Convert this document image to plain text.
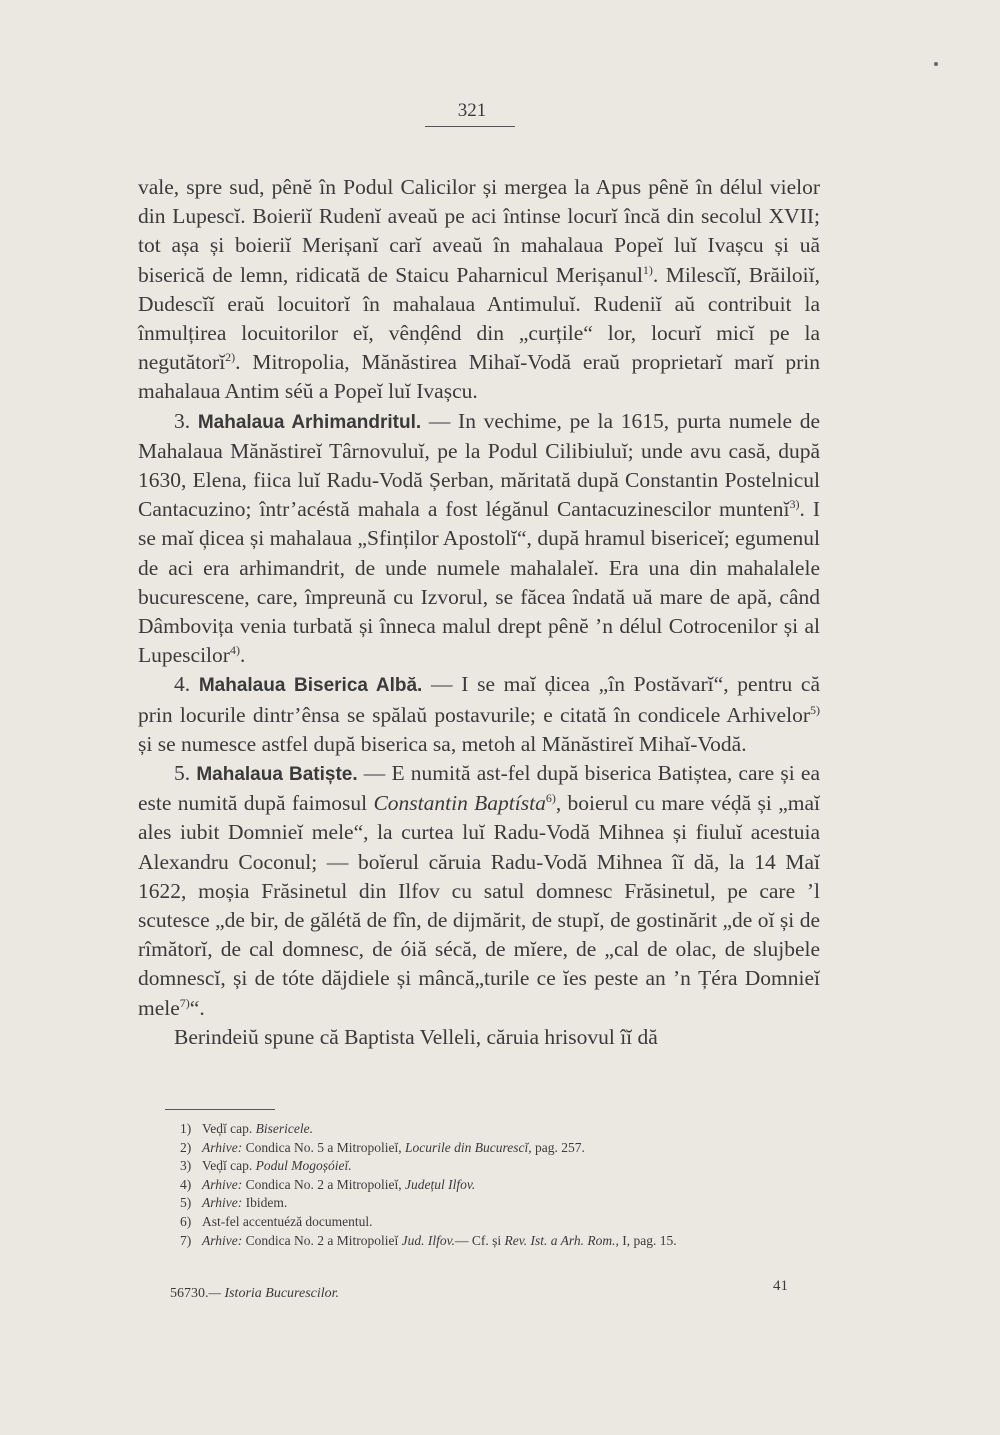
321

vale, spre sud, pênĕ în Podul Calicilor și mergea la Apus pênĕ în délul vielor din Lupescĭ. Boieriĭ Rudenĭ aveaŭ pe aci întinse locurĭ încă din secolul XVII; tot așa și boieriĭ Merișanĭ carĭ aveaŭ în mahalaua Popeĭ luĭ Ivașcu și uă biserică de lemn, ridicată de Staicu Paharnicul Merișanul$^{1)}$. Milescĭĭ, Brăiloiĭ, Dudescĭĭ eraŭ locuitorĭ în mahalaua Antimuluĭ. Rudeniĭ aŭ contribuit la înmulțirea locuitorilor eĭ, vênḑênd din „curțile“ lor, locurĭ micĭ pe la negutătorĭ$^{2)}$. Mitropolia, Mănăstirea Mihaĭ-Vodă eraŭ proprietarĭ marĭ prin mahalaua Antim séŭ a Popeĭ luĭ Ivașcu.

3. Mahalaua Arhimandritul. — In vechime, pe la 1615, purta numele de Mahalaua Mănăstireĭ Târnovuluĭ, pe la Podul Cilibiuluĭ; unde avu casă, după 1630, Elena, fiica luĭ Radu-Vodă Șerban, măritată după Constantin Postelnicul Cantacuzino; într’acéstă mahala a fost légănul Cantacuzinescilor muntenĭ$^{3)}$. I se maĭ ḑicea și mahalaua „Sfinților Apostolĭ“, după hramul bisericeĭ; egumenul de aci era arhimandrit, de unde numele mahalaleĭ. Era una din mahalalele bucurescene, care, împreună cu Izvorul, se făcea îndată uă mare de apă, când Dâmbovița venia turbată și înneca malul drept pênĕ ’n délul Cotrocenilor și al Lupescilor$^{4)}$.

4. Mahalaua Biserica Albă. — I se maĭ ḑicea „în Postăvarĭ“, pentru că prin locurile dintr’ênsa se spălaŭ postavurile; e citată în condicele Arhivelor$^{5)}$ și se numesce astfel după biserica sa, metoh al Mănăstireĭ Mihaĭ-Vodă.

5. Mahalaua Batiște. — E numită ast-fel după biserica Batiștea, care și ea este numită după faimosul Constantin Baptísta$^{6)}$, boierul cu mare véḑă și „maĭ ales iubit Domnieĭ mele“, la curtea luĭ Radu-Vodă Mihnea și fiuluĭ acestuia Alexandru Coconul; — boĭerul căruia Radu-Vodă Mihnea îĭ dă, la 14 Maĭ 1622, moșia Frăsinetul din Ilfov cu satul domnesc Frăsinetul, pe care ’l scutesce „de bir, de gălétă de fîn, de dijmărit, de stupĭ, de gostinărit „de oĭ și de rîmătorĭ, de cal domnesc, de óiă sécă, de mĭere, de „cal de olac, de slujbele domnescĭ, și de tóte dăjdiele și mâncă„turile ce ĭes peste an ’n Țéra Domnieĭ mele$^{7)}$“.

Berindeiŭ spune că Baptista Velleli, căruia hrisovul îĭ dă

1) Veḑĭ cap. Bisericele.
2) Arhive: Condica No. 5 a Mitropolieĭ, Locurile din Bucurescĭ, pag. 257.
3) Veḑĭ cap. Podul Mogoșóieĭ.
4) Arhive: Condica No. 2 a Mitropolieĭ, Județul Ilfov.
5) Arhive: Ibidem.
6) Ast-fel accentuéză documentul.
7) Arhive: Condica No. 2 a Mitropolieĭ Jud. Ilfov.— Cf. și Rev. Ist. a Arh. Rom., I, pag. 15.
41
56730.— Istoria Bucurescilor.
